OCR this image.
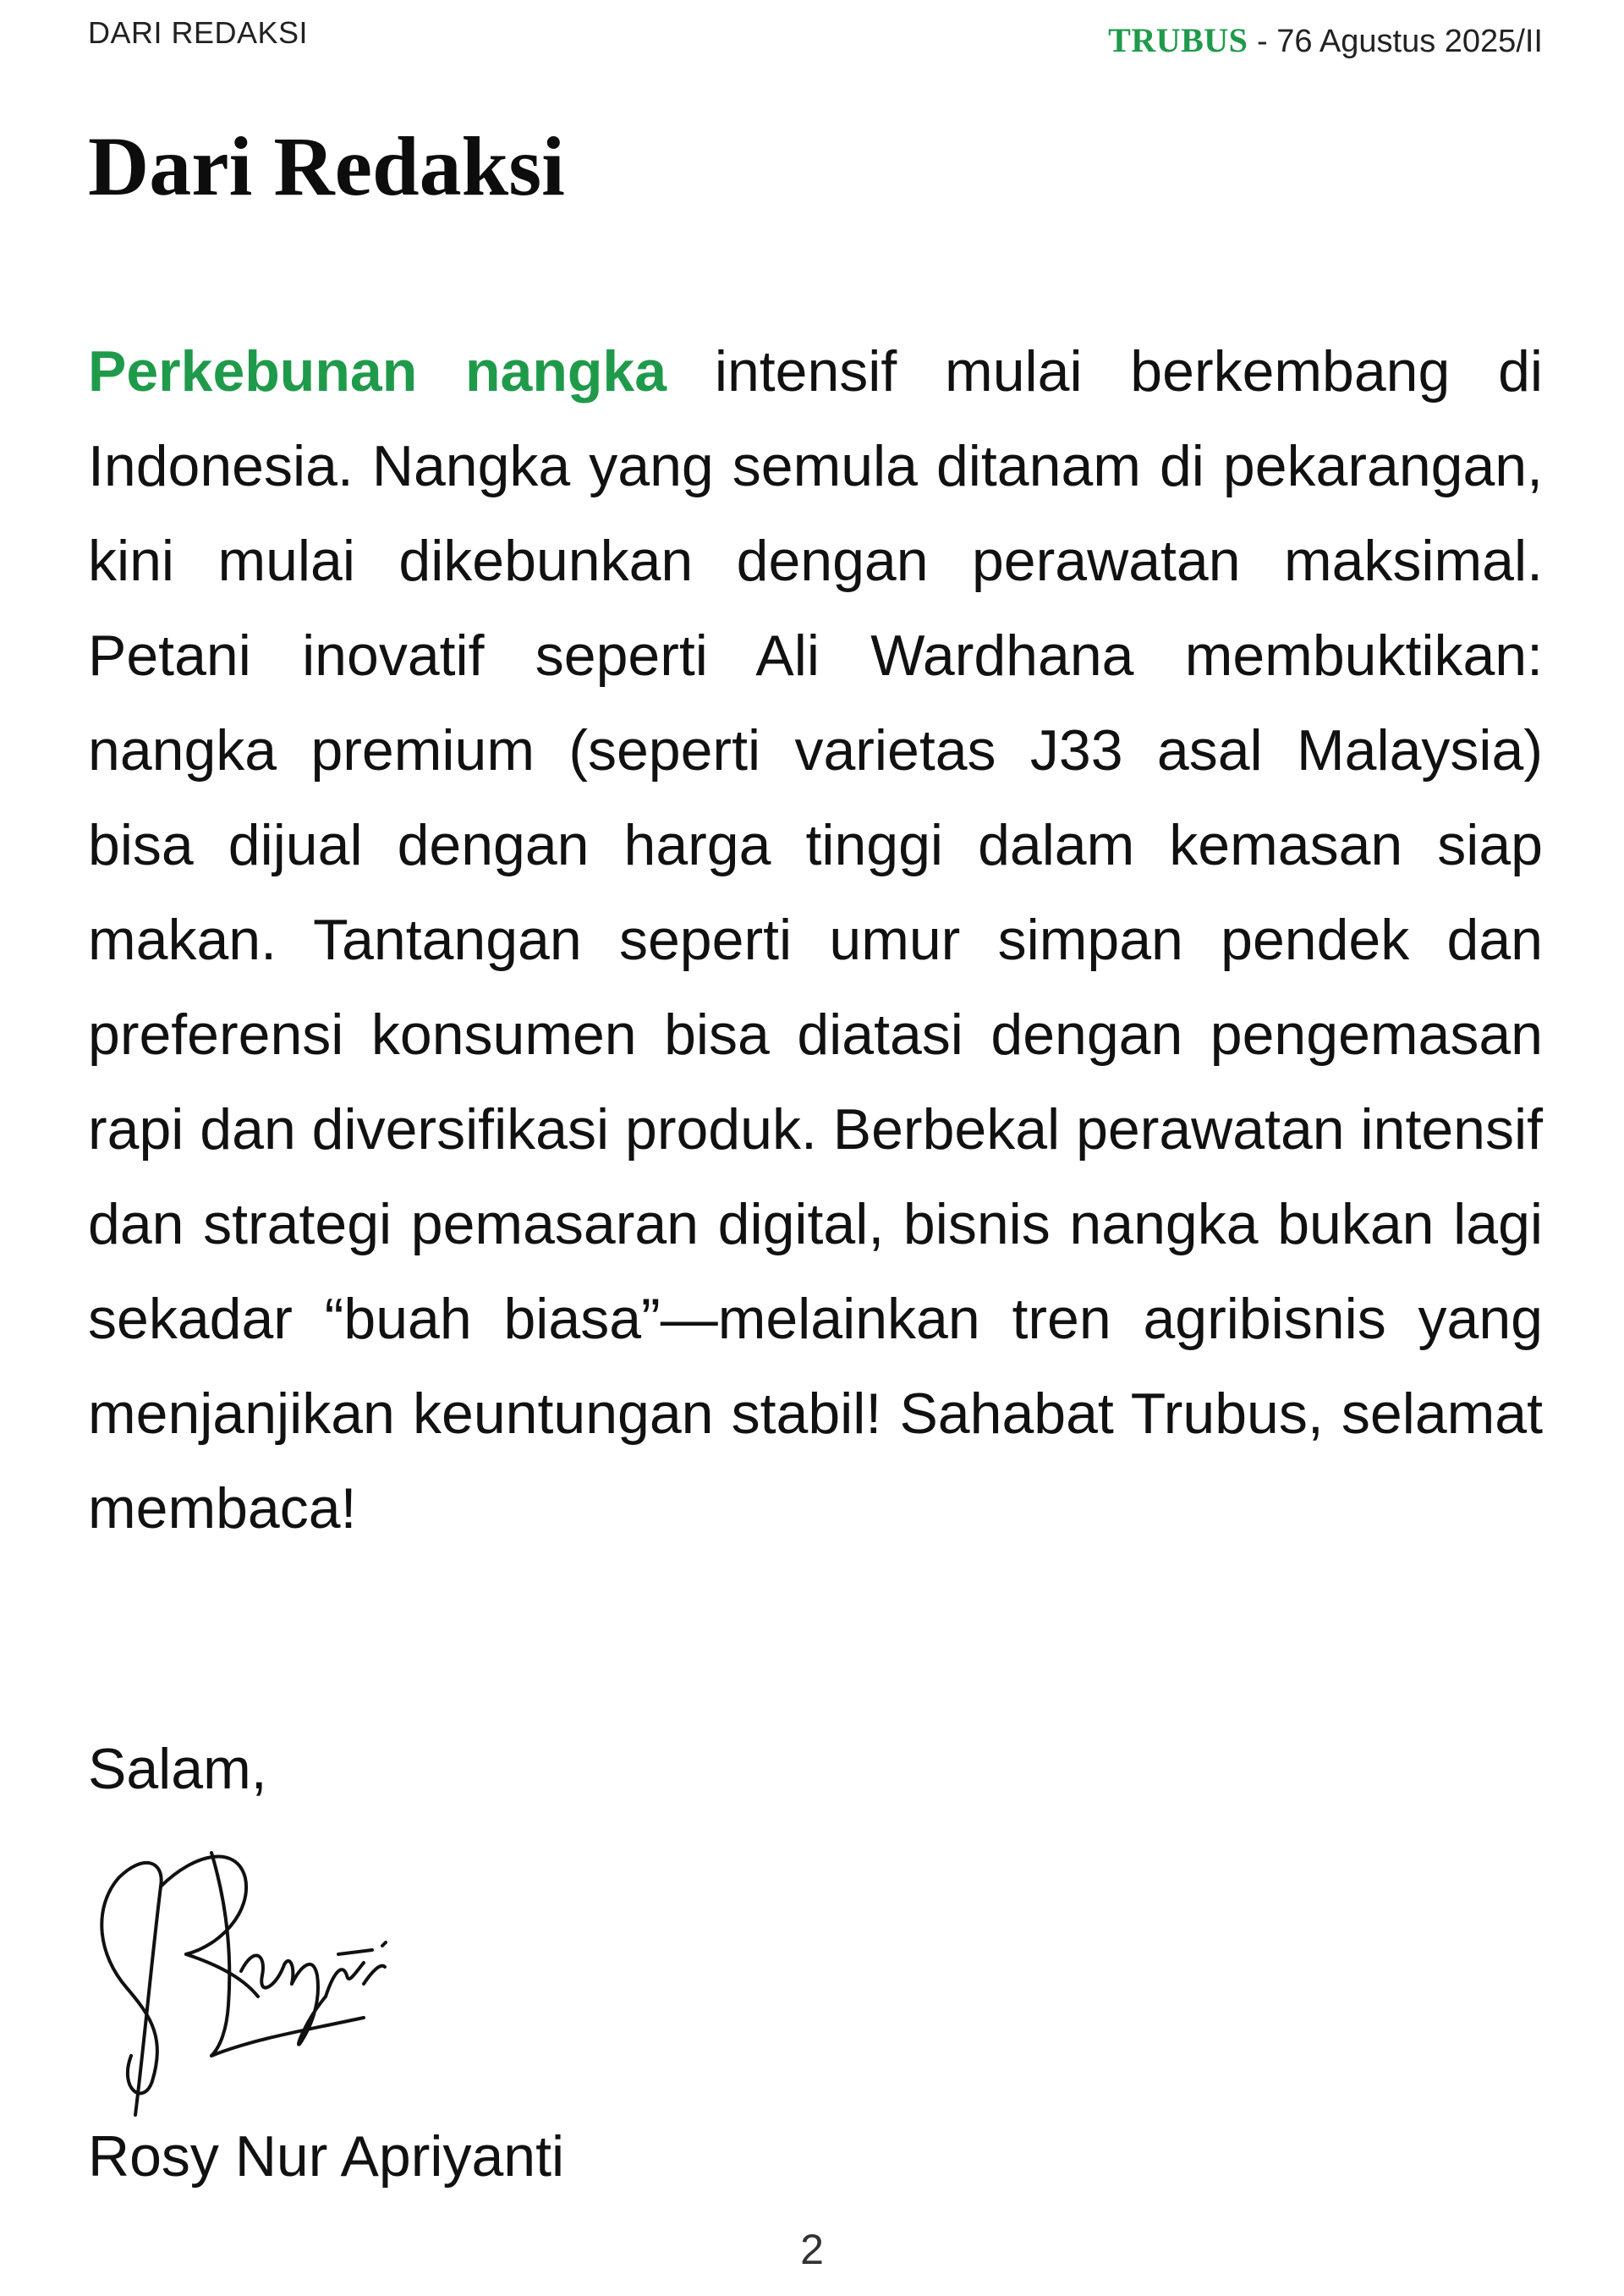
DARI REDAKSI	TRUBUS - 76 Agustus 2025/II
Dari Redaksi
Perkebunan nangka intensif mulai berkembang di Indonesia. Nangka yang semula ditanam di pekarangan, kini mulai dikebunkan dengan perawatan maksimal. Petani inovatif seperti Ali Wardhana membuktikan: nangka premium (seperti varietas J33 asal Malaysia) bisa dijual dengan harga tinggi dalam kemasan siap makan. Tantangan seperti umur simpan pendek dan preferensi konsumen bisa diatasi dengan pengemasan rapi dan diversifikasi produk. Berbekal perawatan intensif dan strategi pemasaran digital, bisnis nangka bukan lagi sekadar “buah biasa”—melainkan tren agribisnis yang menjanjikan keuntungan stabil! Sahabat Trubus, selamat membaca!
Salam,
Rosy Nur Apriyanti
2
